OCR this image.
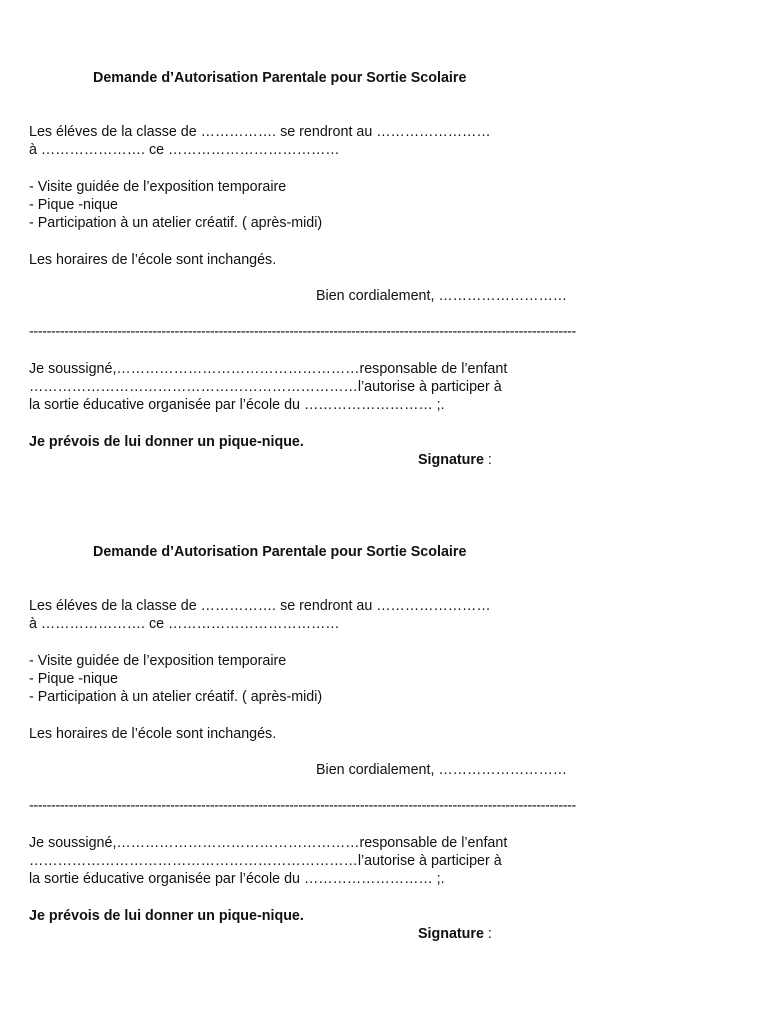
Demande d’Autorisation Parentale pour Sortie Scolaire
Les éléves de la classe de ……………. se rendront au ……………………
à …………………. ce ………………………………
- Visite guidée de l’exposition temporaire
- Pique -nique
- Participation à un atelier créatif. ( après-midi)
Les horaires de l’école sont inchangés.
Bien cordialement, ………………………
----------------------------------------------------------------------------------------------------------------------------
Je soussigné,……………………………………………responsable de l’enfant
……………………………………………………………l’autorise à participer à
la sortie éducative organisée par l’école du ……………………… ;.
Je prévois de lui donner un pique-nique.
Signature :
Demande d’Autorisation Parentale pour Sortie Scolaire
Les éléves de la classe de ……………. se rendront au ……………………
à …………………. ce ………………………………
- Visite guidée de l’exposition temporaire
- Pique -nique
- Participation à un atelier créatif. ( après-midi)
Les horaires de l’école sont inchangés.
Bien cordialement, ………………………
----------------------------------------------------------------------------------------------------------------------------
Je soussigné,……………………………………………responsable de l’enfant
……………………………………………………………l’autorise à participer à
la sortie éducative organisée par l’école du ……………………… ;.
Je prévois de lui donner un pique-nique.
Signature :
